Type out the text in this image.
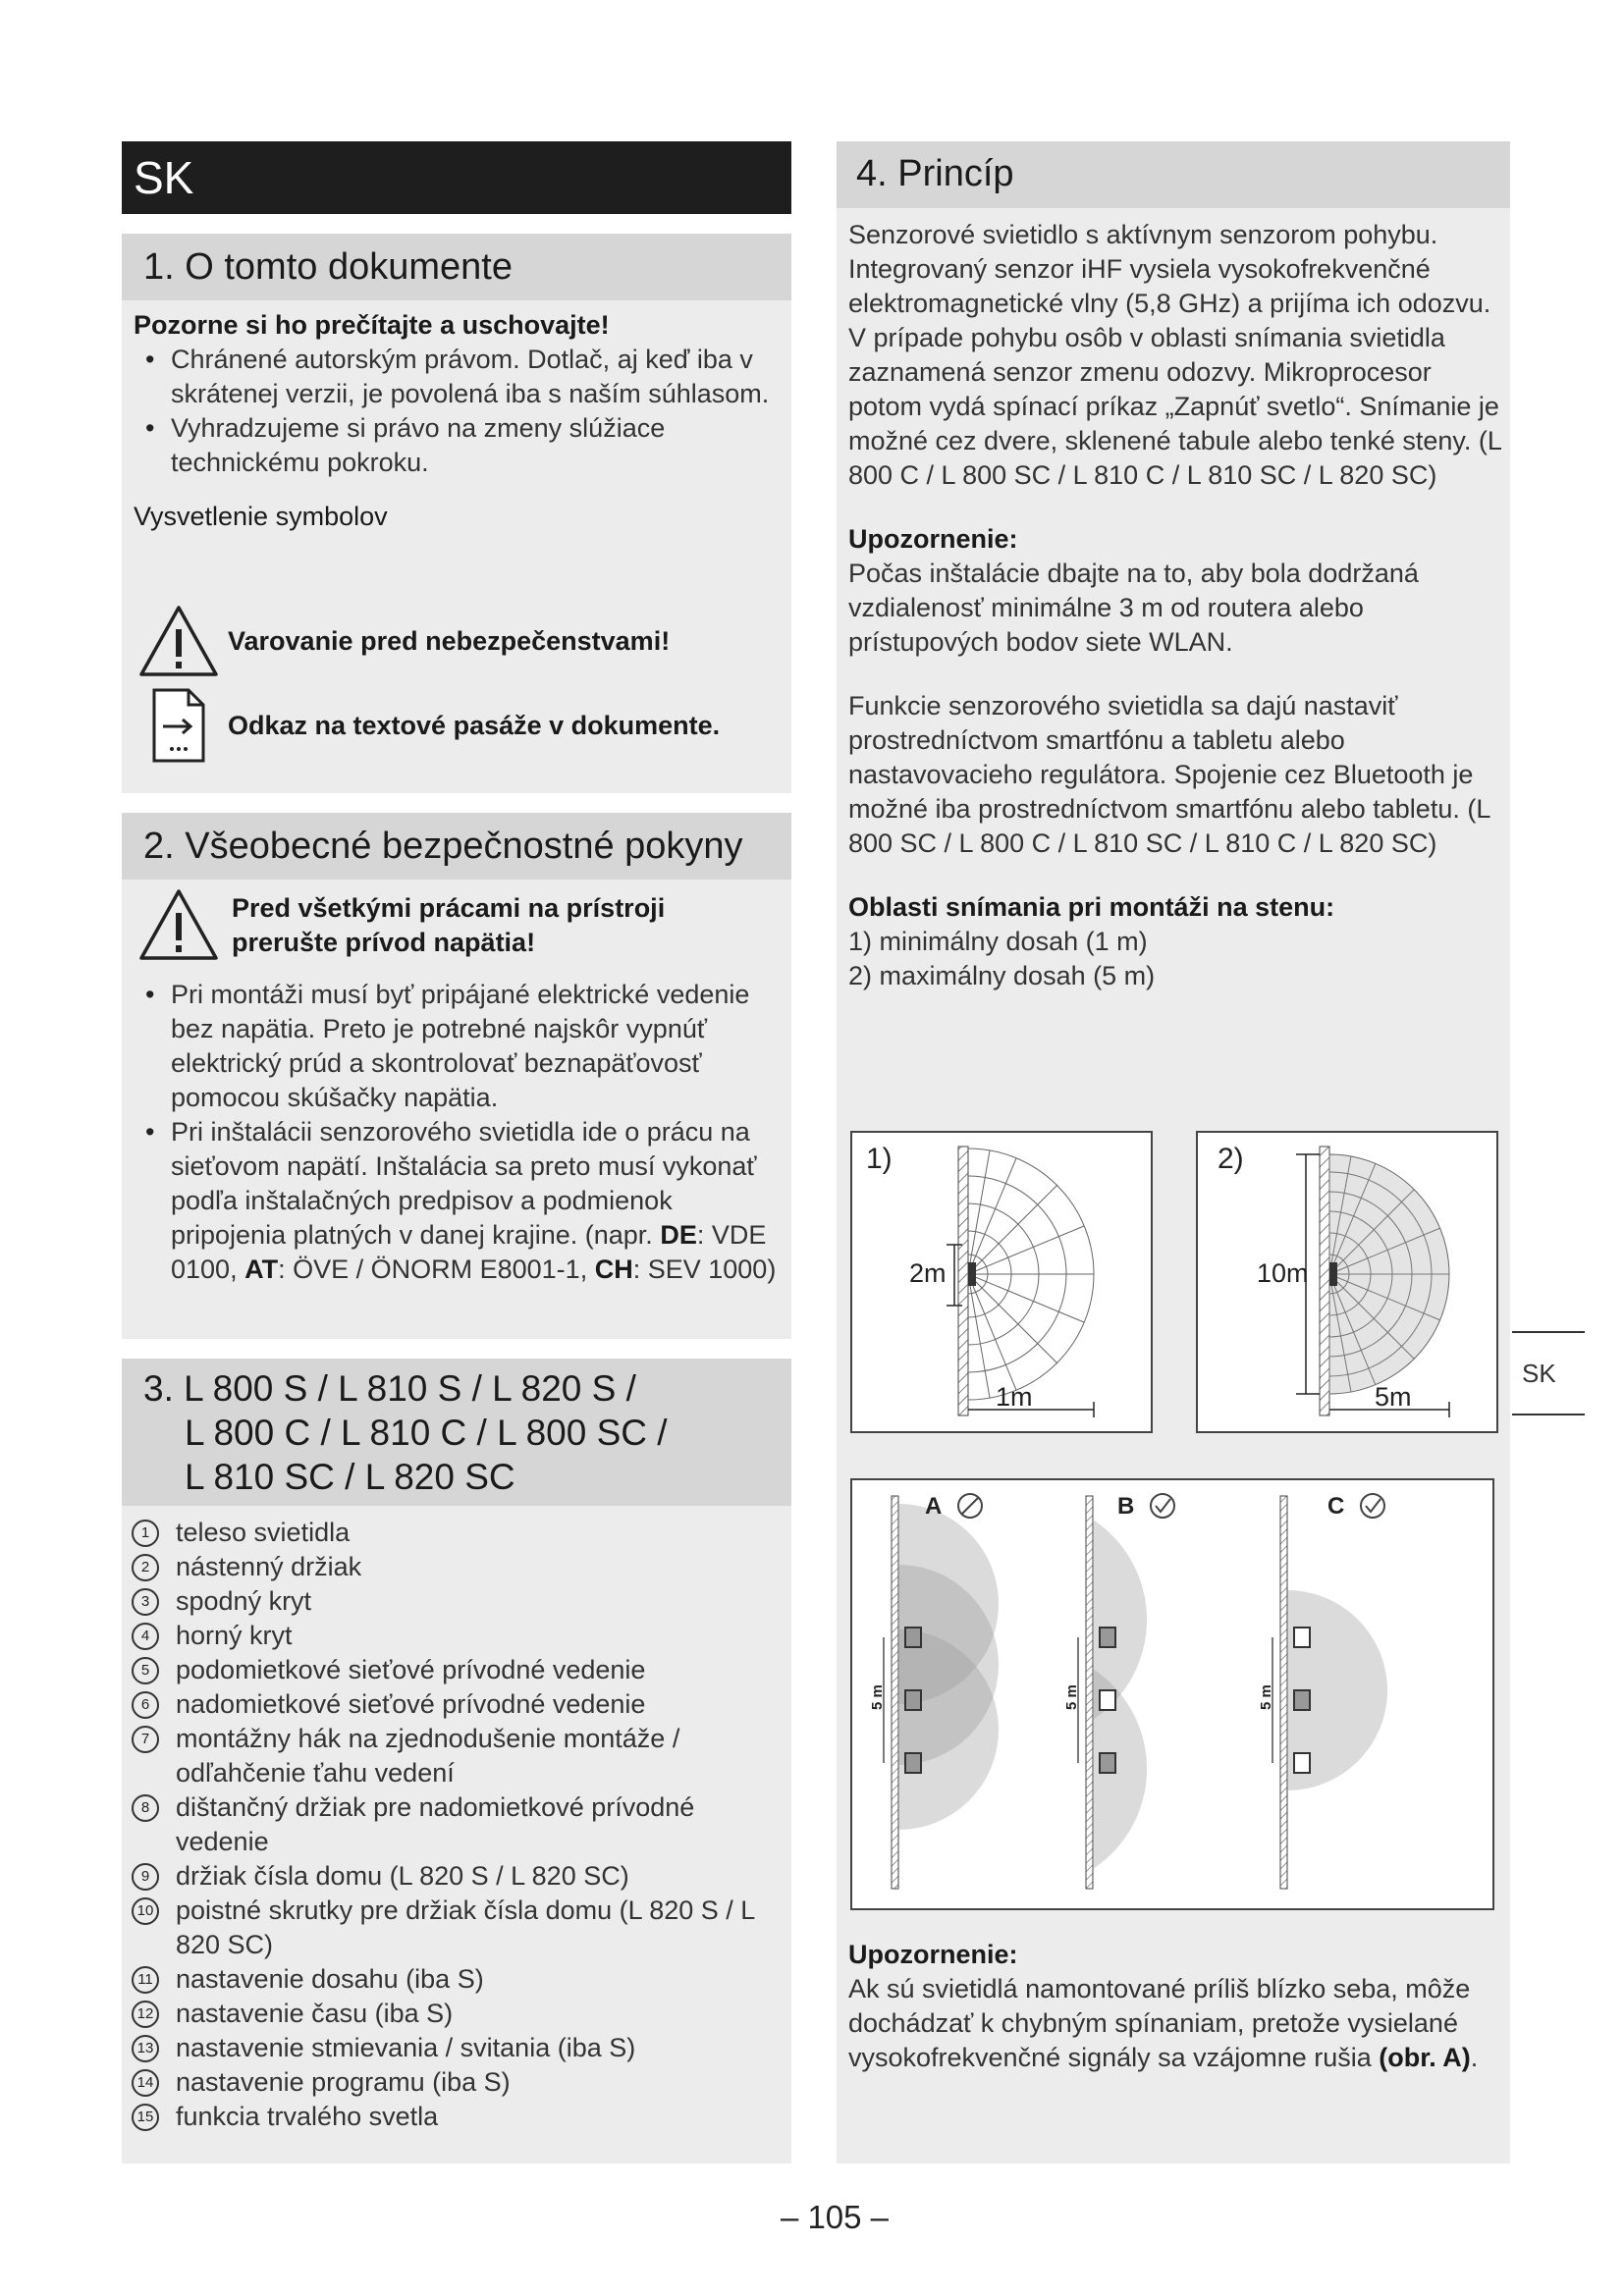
SK
1. O tomto dokumente
Pozorne si ho prečítajte a uschovajte!
• Chránené autorským právom. Dotlač, aj keď iba v skrátenej verzii, je povolená iba s naším súhlasom.
• Vyhradzujeme si právo na zmeny slúžiace technickému pokroku.
Vysvetlenie symbolov
Varovanie pred nebezpečenstvami!
Odkaz na textové pasáže v dokumente.
2. Všeobecné bezpečnostné pokyny
Pred všetkými prácami na prístroji prerušte prívod napätia!
• Pri montáži musí byť pripájané elektrické vedenie bez napätia. Preto je potrebné najskôr vypnúť elektrický prúd a skontrolovať beznapäťovosť pomocou skúšačky napätia.
• Pri inštalácii senzorového svietidla ide o prácu na sieťovom napätí. Inštalácia sa preto musí vykonať podľa inštalačných predpisov a podmienok pripojenia platných v danej krajine. (napr. DE: VDE 0100, AT: ÖVE / ÖNORM E8001-1, CH: SEV 1000)
3. L 800 S / L 810 S / L 820 S /
L 800 C / L 810 C / L 800 SC /
L 810 SC / L 820 SC
1 teleso svietidla
2 nástenný držiak
3 spodný kryt
4 horný kryt
5 podomietkové sieťové prívodné vedenie
6 nadomietkové sieťové prívodné vedenie
7 montážny hák na zjednodušenie montáže / odľahčenie ťahu vedení
8 dištančný držiak pre nadomietkové prívodné vedenie
9 držiak čísla domu (L 820 S / L 820 SC)
10 poistné skrutky pre držiak čísla domu (L 820 S / L 820 SC)
11 nastavenie dosahu (iba S)
12 nastavenie času (iba S)
13 nastavenie stmievania / svitania (iba S)
14 nastavenie programu (iba S)
15 funkcia trvalého svetla
4. Princíp
Senzorové svietidlo s aktívnym senzorom pohybu. Integrovaný senzor iHF vysiela vysokofrekvenčné elektromagnetické vlny (5,8 GHz) a prijíma ich odozvu. V prípade pohybu osôb v oblasti snímania svietidla zaznamená senzor zmenu odozvy. Mikroprocesor potom vydá spínací príkaz „Zapnúť svetlo“. Snímanie je možné cez dvere, sklenené tabule alebo tenké steny. (L 800 C / L 800 SC / L 810 C / L 810 SC / L 820 SC)
Upozornenie:
Počas inštalácie dbajte na to, aby bola dodržaná vzdialenosť minimálne 3 m od routera alebo prístupových bodov siete WLAN.
Funkcie senzorového svietidla sa dajú nastaviť prostredníctvom smartfónu a tabletu alebo nastavovacieho regulátora. Spojenie cez Bluetooth je možné iba prostredníctvom smartfónu alebo tabletu. (L 800 SC / L 800 C / L 810 SC / L 810 C / L 820 SC)
Oblasti snímania pri montáži na stenu:
1) minimálny dosah (1 m)
2) maximálny dosah (5 m)
1)
2m
1m
2)
10m
5m
5 m
A
5 m
B
5 m
C
Upozornenie:
Ak sú svietidlá namontované príliš blízko seba, môže dochádzať k chybným spínaniam, pretože vysielané vysokofrekvenčné signály sa vzájomne rušia (obr. A).
SK
– 105 –
